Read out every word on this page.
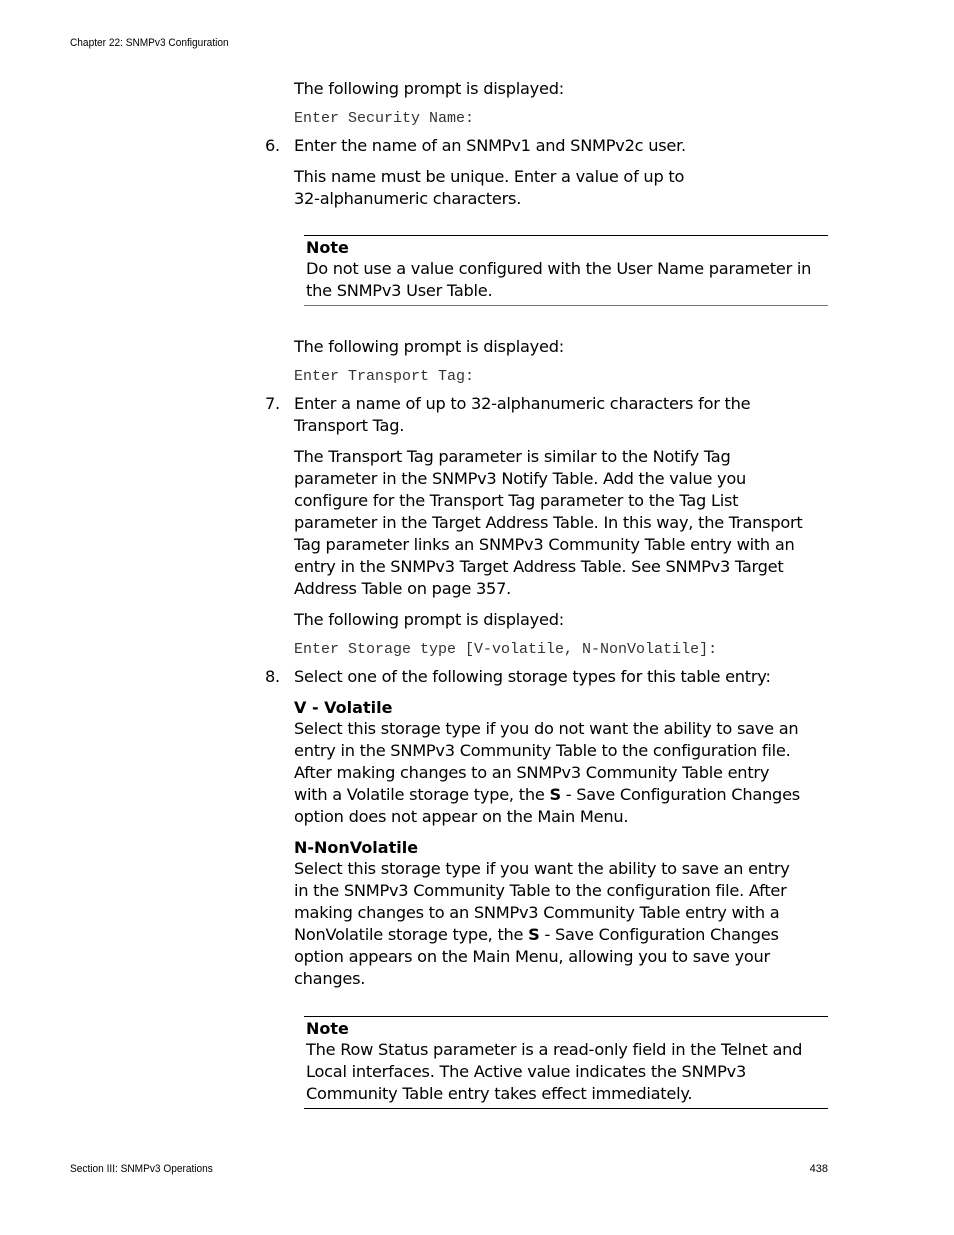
Chapter 22: SNMPv3 Configuration

The following prompt is displayed:

Enter Security Name:

6. Enter the name of an SNMPv1 and SNMPv2c user.

This name must be unique. Enter a value of up to 32-alphanumeric characters.

Note

Do not use a value configured with the User Name parameter in the SNMPv3 User Table.

The following prompt is displayed:

Enter Transport Tag:

7. Enter a name of up to 32-alphanumeric characters for the Transport Tag.

The Transport Tag parameter is similar to the Notify Tag parameter in the SNMPv3 Notify Table. Add the value you configure for the Transport Tag parameter to the Tag List parameter in the Target Address Table. In this way, the Transport Tag parameter links an SNMPv3 Community Table entry with an entry in the SNMPv3 Target Address Table. See SNMPv3 Target Address Table on page 357.

The following prompt is displayed:

Enter Storage type [V-volatile, N-NonVolatile]:

8. Select one of the following storage types for this table entry:

V - Volatile

Select this storage type if you do not want the ability to save an entry in the SNMPv3 Community Table to the configuration file. After making changes to an SNMPv3 Community Table entry with a Volatile storage type, the S - Save Configuration Changes option does not appear on the Main Menu.

N-NonVolatile

Select this storage type if you want the ability to save an entry in the SNMPv3 Community Table to the configuration file. After making changes to an SNMPv3 Community Table entry with a NonVolatile storage type, the S - Save Configuration Changes option appears on the Main Menu, allowing you to save your changes.

Note

The Row Status parameter is a read-only field in the Telnet and Local interfaces. The Active value indicates the SNMPv3 Community Table entry takes effect immediately.

Section III: SNMPv3 Operations	438
